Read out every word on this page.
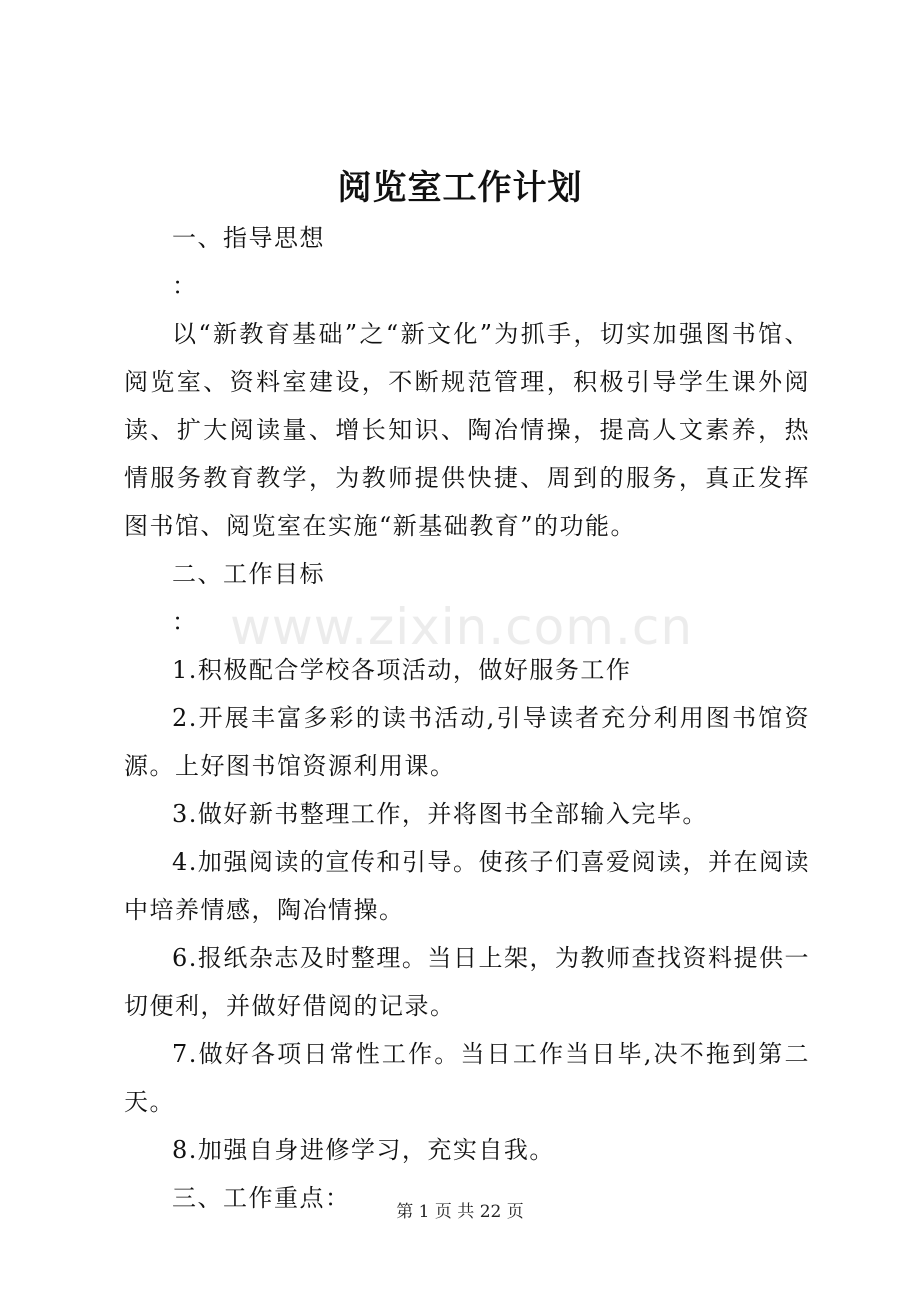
阅览室工作计划

一、指导思想

：

以“新教育基础”之“新文化”为抓手，切实加强图书馆、阅览室、资料室建设，不断规范管理，积极引导学生课外阅读、扩大阅读量、增长知识、陶冶情操，提高人文素养，热情服务教育教学，为教师提供快捷、周到的服务，真正发挥图书馆、阅览室在实施“新基础教育”的功能。

二、工作目标

：

1.积极配合学校各项活动，做好服务工作

2.开展丰富多彩的读书活动,引导读者充分利用图书馆资源。上好图书馆资源利用课。

3.做好新书整理工作，并将图书全部输入完毕。

4.加强阅读的宣传和引导。使孩子们喜爱阅读，并在阅读中培养情感，陶冶情操。

6.报纸杂志及时整理。当日上架，为教师查找资料提供一切便利，并做好借阅的记录。

7.做好各项日常性工作。当日工作当日毕,决不拖到第二天。

8.加强自身进修学习，充实自我。

三、工作重点：

www.zixin.com.cn
第 1 页 共 22 页
